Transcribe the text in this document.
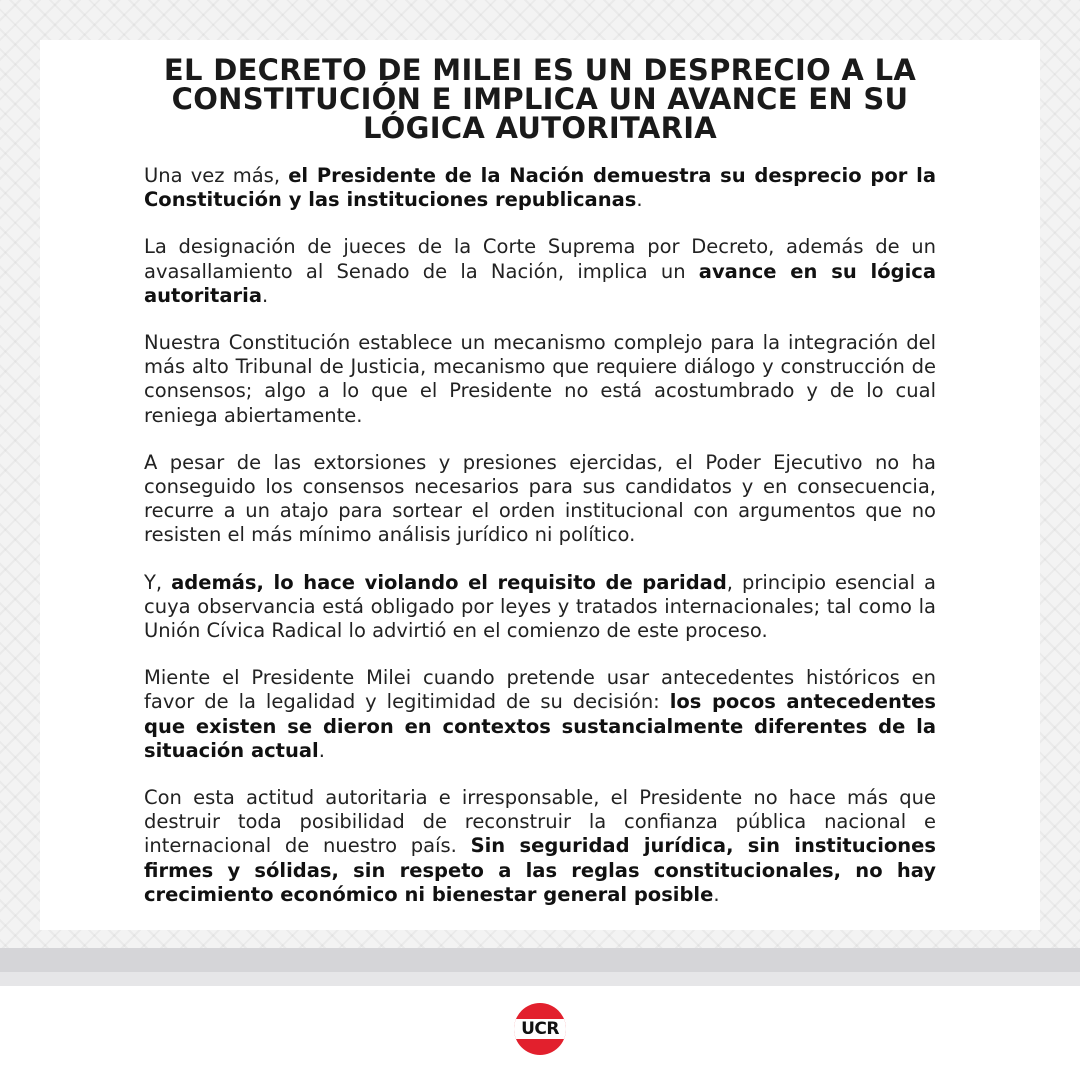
EL DECRETO DE MILEI ES UN DESPRECIO A LA CONSTITUCIÓN E IMPLICA UN AVANCE EN SU LÓGICA AUTORITARIA

Una vez más, el Presidente de la Nación demuestra su desprecio por la Constitución y las instituciones republicanas.

La designación de jueces de la Corte Suprema por Decreto, además de un avasallamiento al Senado de la Nación, implica un avance en su lógica autoritaria.

Nuestra Constitución establece un mecanismo complejo para la integración del más alto Tribunal de Justicia, mecanismo que requiere diálogo y construcción de consensos; algo a lo que el Presidente no está acostumbrado y de lo cual reniega abiertamente.

A pesar de las extorsiones y presiones ejercidas, el Poder Ejecutivo no ha conseguido los consensos necesarios para sus candidatos y en consecuencia, recurre a un atajo para sortear el orden institucional con argumentos que no resisten el más mínimo análisis jurídico ni político.

Y, además, lo hace violando el requisito de paridad, principio esencial a cuya observancia está obligado por leyes y tratados internacionales; tal como la Unión Cívica Radical lo advirtió en el comienzo de este proceso.

Miente el Presidente Milei cuando pretende usar antecedentes históricos en favor de la legalidad y legitimidad de su decisión: los pocos antecedentes que existen se dieron en contextos sustancialmente diferentes de la situación actual.

Con esta actitud autoritaria e irresponsable, el Presidente no hace más que destruir toda posibilidad de reconstruir la confianza pública nacional e internacional de nuestro país. Sin seguridad jurídica, sin instituciones firmes y sólidas, sin respeto a las reglas constitucionales, no hay crecimiento económico ni bienestar general posible.

UCR
